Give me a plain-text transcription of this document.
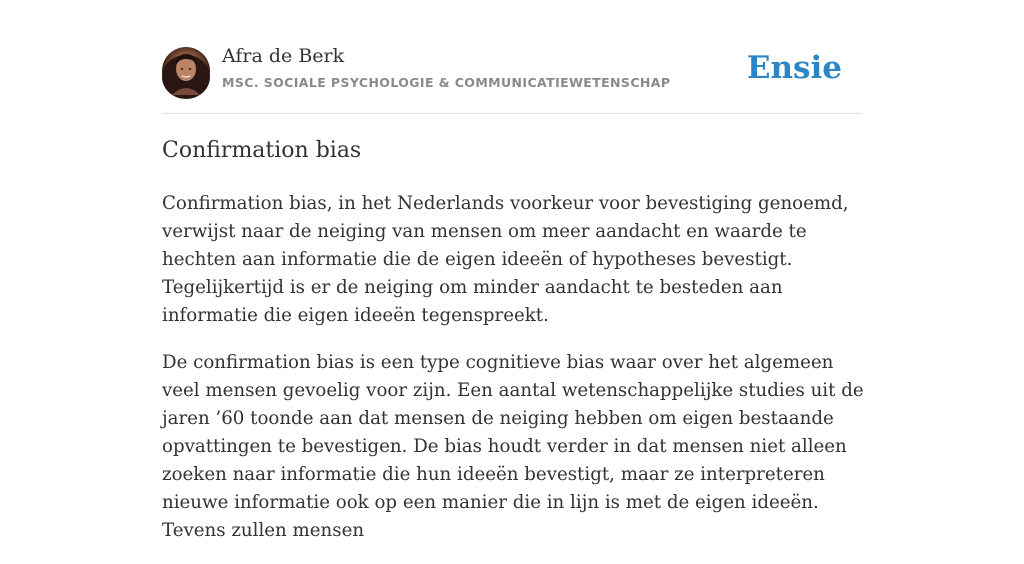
Afra de Berk
MSC. SOCIALE PSYCHOLOGIE & COMMUNICATIEWETENSCHAP Ensie
Confirmation bias

Confirmation bias, in het Nederlands voorkeur voor bevestiging genoemd, verwijst naar de neiging van mensen om meer aandacht en waarde te hechten aan informatie die de eigen ideeën of hypotheses bevestigt. Tegelijkertijd is er de neiging om minder aandacht te besteden aan informatie die eigen ideeën tegenspreekt.

De confirmation bias is een type cognitieve bias waar over het algemeen veel mensen gevoelig voor zijn. Een aantal wetenschappelijke studies uit de jaren ’60 toonde aan dat mensen de neiging hebben om eigen bestaande opvattingen te bevestigen. De bias houdt verder in dat mensen niet alleen zoeken naar informatie die hun ideeën bevestigt, maar ze interpreteren nieuwe informatie ook op een manier die in lijn is met de eigen ideeën. Tevens zullen mensen
